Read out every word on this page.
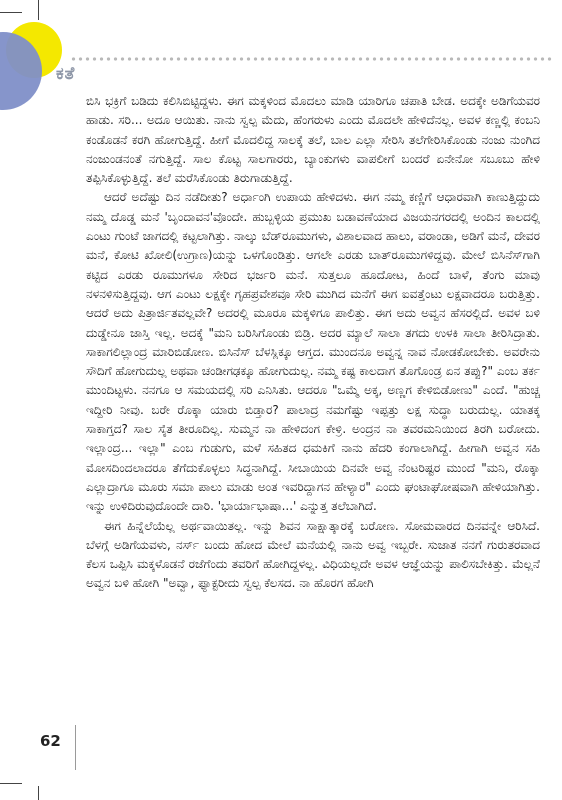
ಕತೆ

ಬಿಸಿ ಭಕ್ರಿಗೆ ಬಡಿದು ಕಲಿಸಿಬಿಟ್ಟಿದ್ದಳು. ಈಗ ಮಕ್ಕಳಿಂದ ಮೊದಲು ಮಾಡಿ ಯಾರಿಗೂ ಚಪಾತಿ ಬೇಡ. ಅದಕ್ಕೇ ಅಡಿಗೆಯವರ ಹಾಡು. ಸರಿ... ಅದೂ ಆಯಿತು. ನಾನು ಸ್ವಲ್ಪ ಮೆದು, ಹೆಂಗರುಳು ಎಂದು ಮೊದಲೇ ಹೇಳಿದೆನಲ್ಲ. ಅವಳ ಕಣ್ಣಲ್ಲಿ ಕಂಬನಿ ಕಂಡೊಡನೆ ಕರಗಿ ಹೋಗುತ್ತಿದ್ದೆ. ಹೀಗೆ ಮೊದಲಿದ್ದ ಸಾಲಕ್ಕೆ ತಲೆ, ಬಾಲ ಎಲ್ಲಾ ಸೇರಿಸಿ ತಲೆಗೇರಿಸಿಕೊಂಡು ನಂಜು ನುಂಗಿದ ನಂಜುಂಡನಂತೆ ನಗುತ್ತಿದ್ದೆ. ಸಾಲ ಕೊಟ್ಟ ಸಾಲಗಾರರು, ಬ್ಯಾಂಕುಗಳು ವಾಪಲೀಗೆ ಬಂದರೆ ಏನೇನೋ ಸಬೂಬು ಹೇಳಿ ತಪ್ಪಿಸಿಕೊಳ್ಳುತ್ತಿದ್ದೆ. ತಲೆ ಮರೆಸಿಕೊಂಡು ತಿರುಗಾಡುತ್ತಿದ್ದೆ.

ಆದರೆ ಅದೆಷ್ಟು ದಿನ ನಡೆದೀತು? ಅರ್ಧಾಂಗಿ ಉಪಾಯ ಹೇಳಿದಳು. ಈಗ ನಮ್ಮ ಕಣ್ಣಿಗೆ ಆಧಾರವಾಗಿ ಕಾಣುತ್ತಿದ್ದುದು ನಮ್ಮ ದೊಡ್ಡ ಮನೆ 'ಬೃಂದಾವನ'ವೊಂದೇ. ಹುಬ್ಬಳ್ಳಿಯ ಪ್ರಮುಖ ಬಡಾವಣೆಯಾದ ವಿಜಯನಗರದಲ್ಲಿ ಅಂದಿನ ಕಾಲದಲ್ಲಿ ಎಂಟು ಗುಂಟೆ ಜಾಗದಲ್ಲಿ ಕಟ್ಟಲಾಗಿತ್ತು. ನಾಲ್ಕು ಬೆಡ್‌ರೂಮುಗಳು, ವಿಶಾಲವಾದ ಹಾಲು, ವರಾಂಡಾ, ಅಡಿಗೆ ಮನೆ, ದೇವರ ಮನೆ, ಕೋಟಿ ಖೋಲಿ(ಉಗ್ರಾಣ)ಯನ್ನು ಒಳಗೊಂಡಿತ್ತು. ಆಗಲೇ ಎರಡು ಬಾತ್‌ರೂಮುಗಳಿದ್ದವು. ಮೇಲೆ ಬಿಸಿನೆಸ್‌ಗಾಗಿ ಕಟ್ಟಿದ ಎರಡು ರೂಮುಗಳೂ ಸೇರಿದ ಭರ್ಜರಿ ಮನೆ. ಸುತ್ತಲೂ ಹೂದೋಟ, ಹಿಂದೆ ಬಾಳೆ, ತೆಂಗು ಮಾವು ನಳನಳಿಸುತ್ತಿದ್ದವು. ಆಗ ಎಂಟು ಲಕ್ಷಕ್ಕೇ ಗೃಹಪ್ರವೇಶವೂ ಸೇರಿ ಮುಗಿದ ಮನೆಗೆ ಈಗ ಐವತ್ತೆಂಟು ಲಕ್ಷವಾದರೂ ಬರುತ್ತಿತ್ತು. ಆದರೆ ಅದು ಪಿತ್ರಾರ್ಜಿತವಲ್ಲವೇ? ಅದರಲ್ಲಿ ಮೂರೂ ಮಕ್ಕಳಿಗೂ ಪಾಲಿತ್ತು. ಈಗ ಅದು ಅವ್ವನ ಹೆಸರಲ್ಲಿದೆ. ಅವಳ ಬಳಿ ದುಡ್ಡೇನೂ ಜಾಸ್ತಿ ಇಲ್ಲ. ಅದಕ್ಕೆ "ಮನಿ ಬರಿಸಿಗೊಂಡು ಬಿಡ್ರಿ. ಅದರ ಮ್ಯಾಲೆ ಸಾಲಾ ತಗದು ಉಳಕಿ ಸಾಲಾ ತೀರಿಸಿದ್ರಾತು. ಸಾಕಾಗಲಿಲ್ಲಾಂದ್ರ ಮಾರಿಬಿಡೋಣ. ಬಿಸಿನೆಸ್ ಬೆಳಸ್ಲಿಕ್ಕೂ ಆಗ್ತದ. ಮುಂದನೂ ಅವ್ವನ್ನ ನಾವ ನೋಡಕೋಬೇಕು. ಅವರೇನು ಸೌದಿಗೆ ಹೋಗುದುಲ್ಲ ಅಥವಾ ಚಂಡೀಗಢಕ್ಕೂ ಹೋಗುದುಲ್ಲ. ನಮ್ಮ ಕಷ್ಟ ಕಾಲದಾಗ ತೊಗೊಂಡ್ರ ಏನ ತಪ್ಪು?" ಎಂಬ ತರ್ಕ ಮುಂದಿಟ್ಟಳು. ನನಗೂ ಆ ಸಮಯದಲ್ಲಿ ಸರಿ ಎನಿಸಿತು. ಆದರೂ "ಒಮ್ಮೆ ಅಕ್ಕ, ಅಣ್ಣಗ ಕೇಳಿಬಿಡೋಣು" ಎಂದೆ. "ಹುಚ್ಚ ಇದ್ದೀರಿ ನೀವು. ಬರೇ ರೊಕ್ಕಾ ಯಾರು ಬಿಡ್ತಾರ? ಪಾಲಾದ್ರ ನಮಗೆಷ್ಟು ಇಪ್ಪತ್ತು ಲಕ್ಷ ಸುದ್ಧಾ ಬರುದುಲ್ಲ. ಯಾತಕ್ಕ ಸಾಕಾಗ್ತದ? ಸಾಲ ಸೈತ ತೀರೂದಿಲ್ಲ. ಸುಮ್ಮನ ನಾ ಹೇಳಿದಂಗ ಕೇಳ್ರಿ. ಅಂದ್ರನ ನಾ ತವರಮನಿಯಿಂದ ತಿರಗಿ ಬರೋದು. ಇಲ್ಲಾಂದ್ರ... ಇಲ್ಲಾ" ಎಂಬ ಗುಡುಗು, ಮಳೆ ಸಹಿತದ ಧಮಕಿಗೆ ನಾನು ಹೆದರಿ ಕಂಗಾಲಾಗಿದ್ದೆ. ಹೀಗಾಗಿ ಅವ್ವನ ಸಹಿ ಮೋಸದಿಂದಲಾದರೂ ತೆಗೆದುಕೊಳ್ಳಲು ಸಿದ್ಧನಾಗಿದ್ದೆ. ಸೀಬಾಯಿಯ ದಿನವೇ ಅವ್ವ ನೆಂಟರಿಷ್ಟರ ಮುಂದೆ "ಮನಿ, ರೊಕ್ಕಾ ಎಲ್ಲಾದ್ರಾಗೂ ಮೂರು ಸಮಾ ಪಾಲು ಮಾಡು ಅಂತ ಇವರಿದ್ದಾಗನ ಹೇಳ್ಯಾರ" ಎಂದು ಘಂಟಾಘೋಷವಾಗಿ ಹೇಳಿಯಾಗಿತ್ತು. ಇನ್ನು ಉಳಿದಿರುವುದೊಂದೇ ದಾರಿ. 'ಭಾರ್ಯಾಭಾಷಾ...' ಎನ್ನುತ್ತ ತಲೆಬಾಗಿದೆ.

ಈಗ ಹಿನ್ನೆಲೆಯೆಲ್ಲ ಅರ್ಥವಾಯಿತಲ್ಲ. ಇನ್ನು ಶಿವನ ಸಾಕ್ಷಾತ್ಕಾರಕ್ಕೆ ಬರೋಣ. ಸೋಮವಾರದ ದಿನವನ್ನೇ ಆರಿಸಿದೆ. ಬೆಳಗ್ಗೆ ಅಡಿಗೆಯವಳು, ನರ್ಸ್ ಬಂದು ಹೋದ ಮೇಲೆ ಮನೆಯಲ್ಲಿ ನಾನು ಅವ್ವ ಇಬ್ಬರೇ. ಸುಜಾತ ನನಗೆ ಗುರುತರವಾದ ಕೆಲಸ ಒಪ್ಪಿಸಿ ಮಕ್ಕಳೊಡನೆ ರಜೆಗೆಂದು ತವರಿಗೆ ಹೋಗಿದ್ದಳಲ್ಲ. ವಿಧಿಯಲ್ಲದೇ ಅವಳ ಆಜ್ಞೆಯನ್ನು ಪಾಲಿಸಬೇಕಿತ್ತು. ಮೆಲ್ಲನೆ ಅವ್ವನ ಬಳಿ ಹೋಗಿ "ಅವ್ವಾ, ಫ್ಯಾಕ್ಟರೀದು ಸ್ವಲ್ಪ ಕೆಲಸದ. ನಾ ಹೊರಗ ಹೋಗಿ

62
